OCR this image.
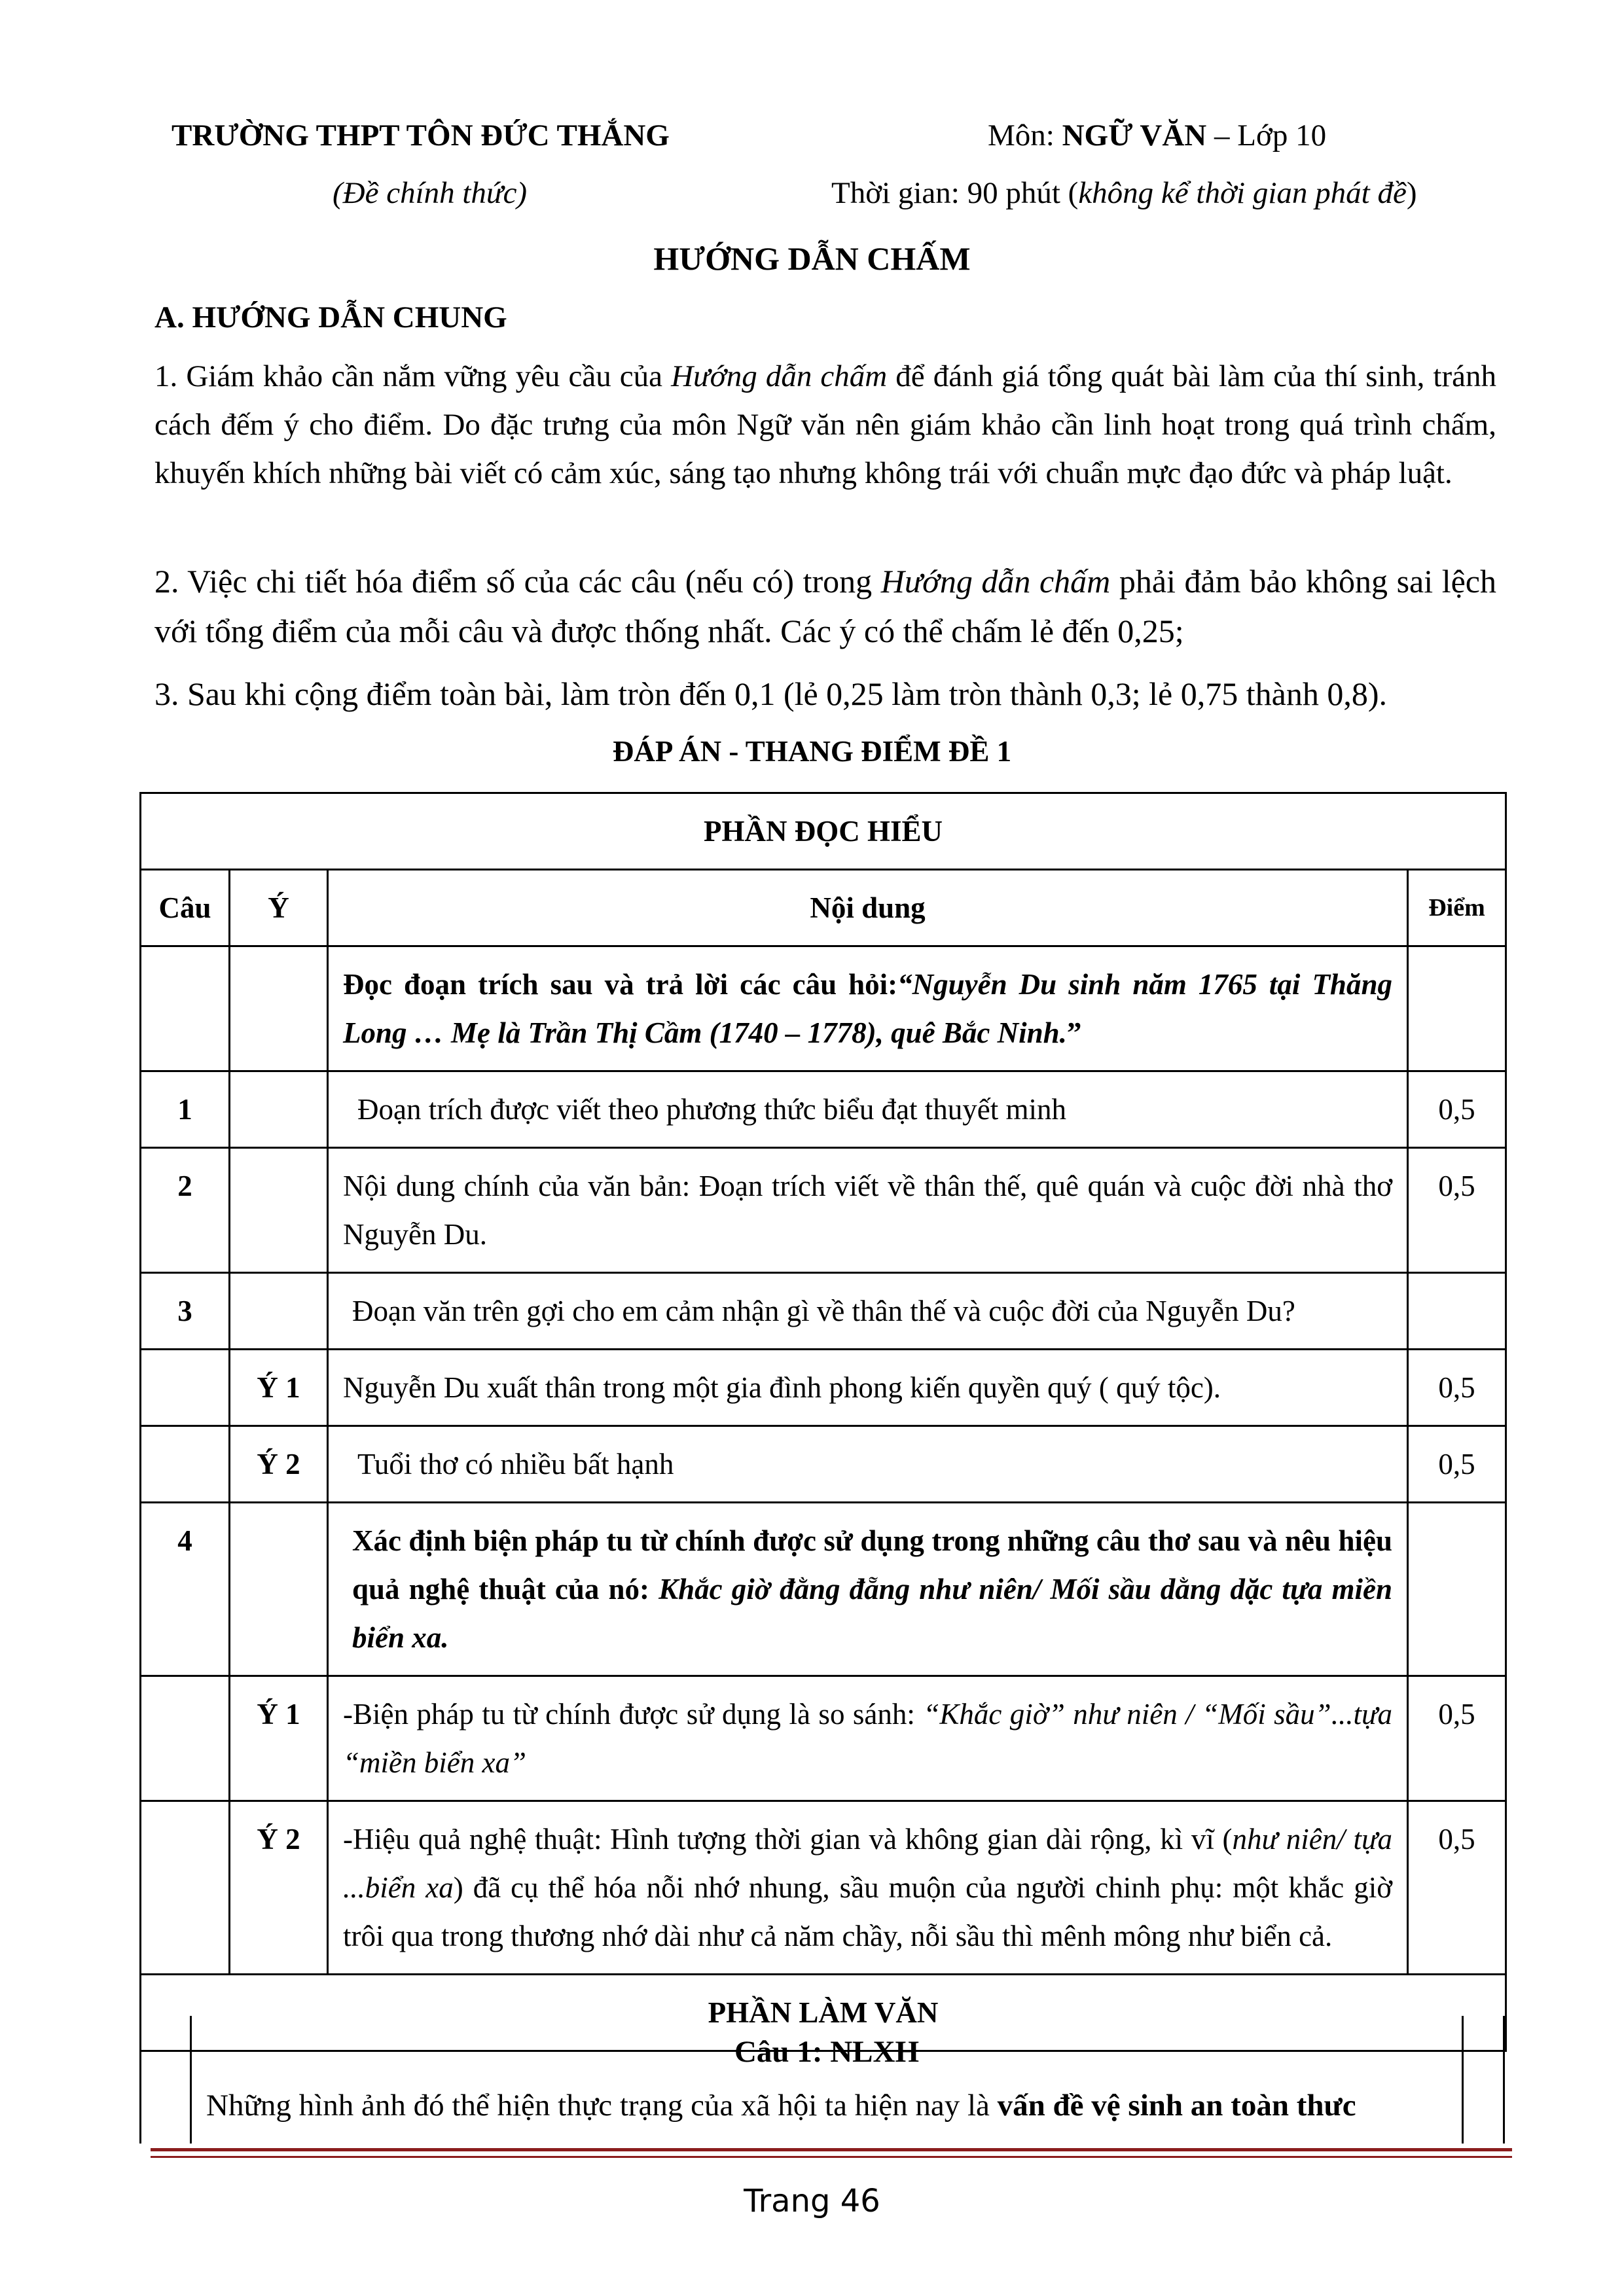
TRƯỜNG THPT TÔN ĐỨC THẮNG	Môn: NGỮ VĂN – Lớp 10
(Đề chính thức)	Thời gian: 90 phút (không kể thời gian phát đề)
HƯỚNG DẪN CHẤM
A. HƯỚNG DẪN CHUNG
1. Giám khảo cần nắm vững yêu cầu của Hướng dẫn chấm để đánh giá tổng quát bài làm của thí sinh, tránh cách đếm ý cho điểm. Do đặc trưng của môn Ngữ văn nên giám khảo cần linh hoạt trong quá trình chấm, khuyến khích những bài viết có cảm xúc, sáng tạo nhưng không trái với chuẩn mực đạo đức và pháp luật.
2. Việc chi tiết hóa điểm số của các câu (nếu có) trong Hướng dẫn chấm phải đảm bảo không sai lệch với tổng điểm của mỗi câu và được thống nhất. Các ý có thể chấm lẻ đến 0,25;
3. Sau khi cộng điểm toàn bài, làm tròn đến 0,1 (lẻ 0,25 làm tròn thành 0,3; lẻ 0,75 thành 0,8).
ĐÁP ÁN - THANG ĐIỂM ĐỀ 1
PHẦN ĐỌC HIỂU			
Câu	Ý	Nội dung	Điểm
		Đọc đoạn trích sau và trả lời các câu hỏi:“Nguyễn Du sinh năm 1765 tại Thăng Long … Mẹ là Trần Thị Cầm (1740 – 1778), quê Bắc Ninh.”	
1		Đoạn trích được viết theo phương thức biểu đạt thuyết minh	0,5
2		Nội dung chính của văn bản: Đoạn trích viết về thân thế, quê quán và cuộc đời nhà thơ Nguyễn Du.	0,5
3		Đoạn văn trên gợi cho em cảm nhận gì về thân thế và cuộc đời của Nguyễn Du?	
	Ý 1	Nguyễn Du xuất thân trong một gia đình phong kiến quyền quý ( quý tộc).	0,5
	Ý 2	Tuổi thơ có nhiều bất hạnh	0,5
4		Xác định biện pháp tu từ chính được sử dụng trong những câu thơ sau và nêu hiệu quả nghệ thuật của nó: Khắc giờ đằng đẵng như niên/ Mối sầu dằng dặc tựa miền biển xa.	
	Ý 1	-Biện pháp tu từ chính được sử dụng là so sánh: “Khắc giờ” như niên / “Mối sầu”...tựa “miền biển xa”	0,5
	Ý 2	-Hiệu quả nghệ thuật: Hình tượng thời gian và không gian dài rộng, kì vĩ (như niên/ tựa ...biển xa) đã cụ thể hóa nỗi nhớ nhung, sầu muộn của người chinh phụ: một khắc giờ trôi qua trong thương nhớ dài như cả năm chầy, nỗi sầu thì mênh mông như biển cả.	0,5
PHẦN LÀM VĂN			
Câu 1: NLXH
Những hình ảnh đó thể hiện thực trạng của xã hội ta hiện nay là vấn đề vệ sinh an toàn thưc
Trang 46
